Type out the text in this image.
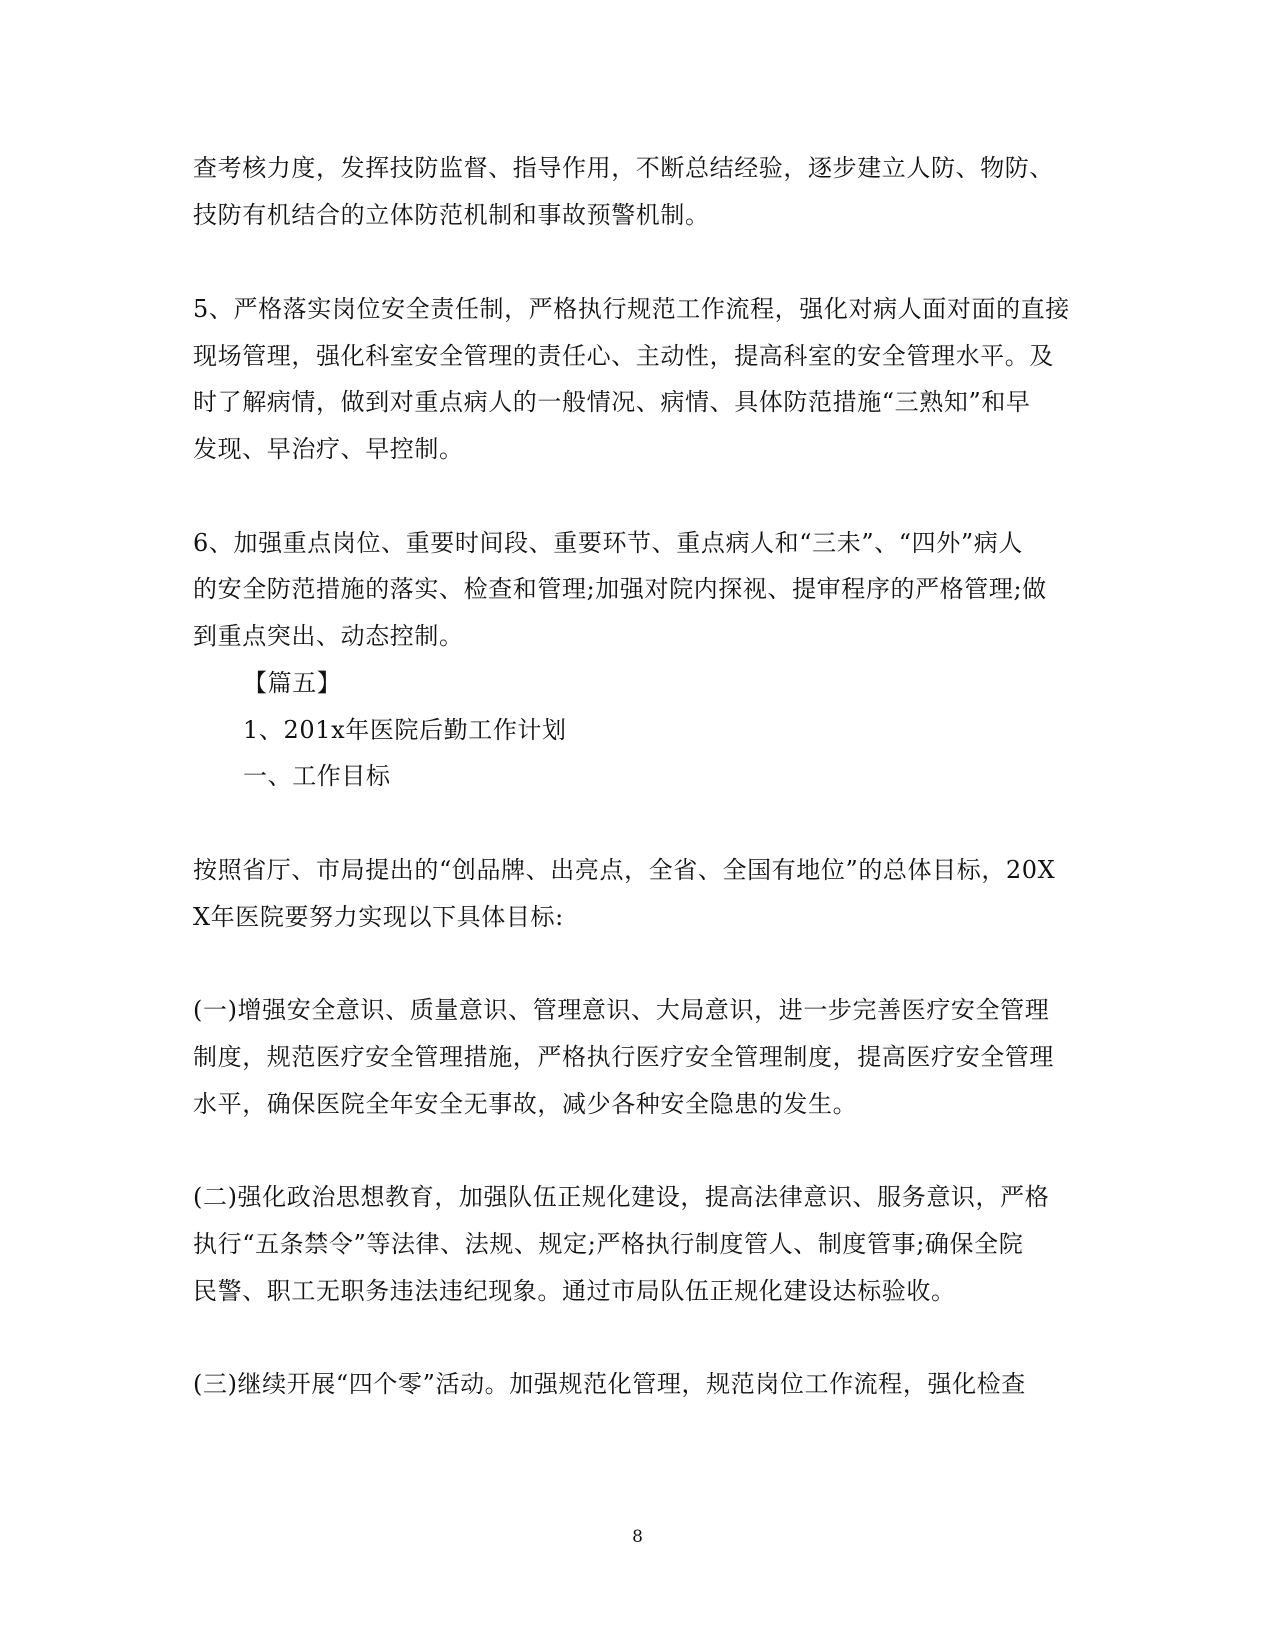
查考核力度，发挥技防监督、指导作用，不断总结经验，逐步建立人防、物防、
技防有机结合的立体防范机制和事故预警机制。
5、严格落实岗位安全责任制，严格执行规范工作流程，强化对病人面对面的直接
现场管理，强化科室安全管理的责任心、主动性，提高科室的安全管理水平。及
时了解病情，做到对重点病人的一般情况、病情、具体防范措施“三熟知”和早
发现、早治疗、早控制。
6、加强重点岗位、重要时间段、重要环节、重点病人和“三未”、“四外”病人
的安全防范措施的落实、检查和管理;加强对院内探视、提审程序的严格管理;做
到重点突出、动态控制。
【篇五】
1、201x年医院后勤工作计划
一、工作目标
按照省厅、市局提出的“创品牌、出亮点，全省、全国有地位”的总体目标，20X
X年医院要努力实现以下具体目标:
(一)增强安全意识、质量意识、管理意识、大局意识，进一步完善医疗安全管理
制度，规范医疗安全管理措施，严格执行医疗安全管理制度，提高医疗安全管理
水平，确保医院全年安全无事故，减少各种安全隐患的发生。
(二)强化政治思想教育，加强队伍正规化建设，提高法律意识、服务意识，严格
执行“五条禁令”等法律、法规、规定;严格执行制度管人、制度管事;确保全院
民警、职工无职务违法违纪现象。通过市局队伍正规化建设达标验收。
(三)继续开展“四个零”活动。加强规范化管理，规范岗位工作流程，强化检查
8
